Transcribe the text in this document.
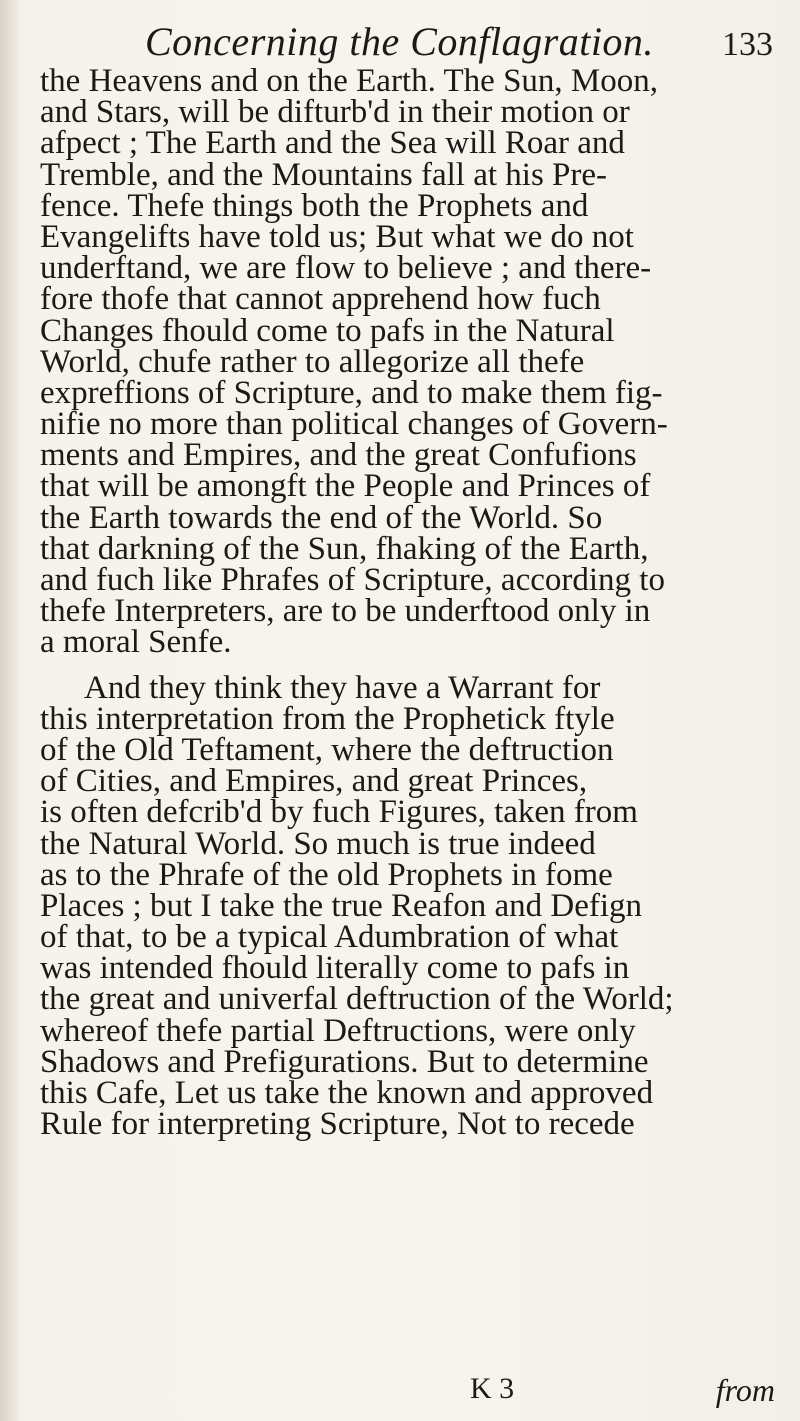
Concerning the Conflagration. 133
the Heavens and on the Earth. The Sun, Moon,
and Stars, will be difturb'd in their motion or
afpect ; The Earth and the Sea will Roar and
Tremble, and the Mountains fall at his Pre-
fence. Thefe things both the Prophets and
Evangelifts have told us; But what we do not
underftand, we are flow to believe ; and there-
fore thofe that cannot apprehend how fuch
Changes fhould come to pafs in the Natural
World, chufe rather to allegorize all thefe
expreffions of Scripture, and to make them fig-
nifie no more than political changes of Govern-
ments and Empires, and the great Confufions
that will be amongft the People and Princes of
the Earth towards the end of the World. So
that darkning of the Sun, fhaking of the Earth,
and fuch like Phrafes of Scripture, according to
thefe Interpreters, are to be underftood only in
a moral Senfe.
And they think they have a Warrant for
this interpretation from the Prophetick ftyle
of the Old Teftament, where the deftruction
of Cities, and Empires, and great Princes,
is often defcrib'd by fuch Figures, taken from
the Natural World. So much is true indeed
as to the Phrafe of the old Prophets in fome
Places ; but I take the true Reafon and Defign
of that, to be a typical Adumbration of what
was intended fhould literally come to pafs in
the great and univerfal deftruction of the World;
whereof thefe partial Deftructions, were only
Shadows and Prefigurations. But to determine
this Cafe, Let us take the known and approved
Rule for interpreting Scripture, Not to recede
K 3	from
